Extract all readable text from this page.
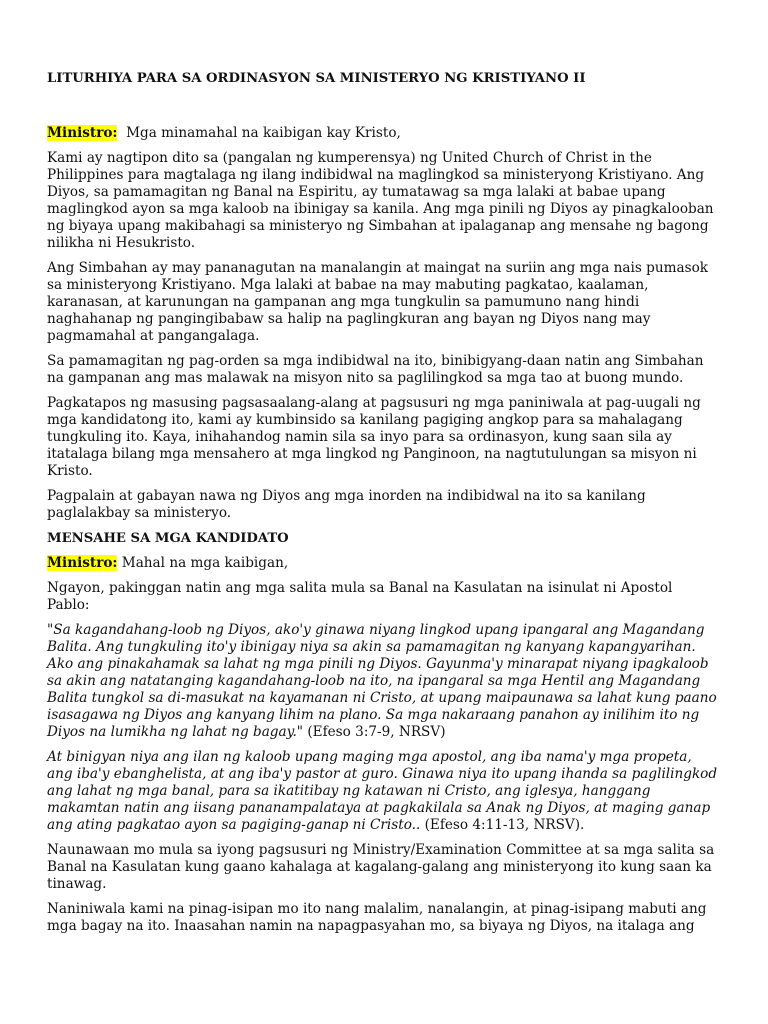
LITURHIYA PARA SA ORDINASYON SA MINISTERYO NG KRISTIYANO II

Ministro:  Mga minamahal na kaibigan kay Kristo,

Kami ay nagtipon dito sa (pangalan ng kumperensya) ng United Church of Christ in the Philippines para magtalaga ng ilang indibidwal na maglingkod sa ministeryong Kristiyano. Ang Diyos, sa pamamagitan ng Banal na Espiritu, ay tumatawag sa mga lalaki at babae upang maglingkod ayon sa mga kaloob na ibinigay sa kanila. Ang mga pinili ng Diyos ay pinagkalooban ng biyaya upang makibahagi sa ministeryo ng Simbahan at ipalaganap ang mensahe ng bagong nilikha ni Hesukristo.

Ang Simbahan ay may pananagutan na manalangin at maingat na suriin ang mga nais pumasok sa ministeryong Kristiyano. Mga lalaki at babae na may mabuting pagkatao, kaalaman, karanasan, at karunungan na gampanan ang mga tungkulin sa pamumuno nang hindi naghahanap ng pangingibabaw sa halip na paglingkuran ang bayan ng Diyos nang may pagmamahal at pangangalaga.

Sa pamamagitan ng pag-orden sa mga indibidwal na ito, binibigyang-daan natin ang Simbahan na gampanan ang mas malawak na misyon nito sa paglilingkod sa mga tao at buong mundo.

Pagkatapos ng masusing pagsasaalang-alang at pagsusuri ng mga paniniwala at pag-uugali ng mga kandidatong ito, kami ay kumbinsido sa kanilang pagiging angkop para sa mahalagang tungkuling ito. Kaya, inihahandog namin sila sa inyo para sa ordinasyon, kung saan sila ay itatalaga bilang mga mensahero at mga lingkod ng Panginoon, na nagtutulungan sa misyon ni Kristo.

Pagpalain at gabayan nawa ng Diyos ang mga inorden na indibidwal na ito sa kanilang paglalakbay sa ministeryo.

MENSAHE SA MGA KANDIDATO

Ministro: Mahal na mga kaibigan,

Ngayon, pakinggan natin ang mga salita mula sa Banal na Kasulatan na isinulat ni Apostol Pablo:

"Sa kagandahang-loob ng Diyos, ako'y ginawa niyang lingkod upang ipangaral ang Magandang Balita. Ang tungkuling ito'y ibinigay niya sa akin sa pamamagitan ng kanyang kapangyarihan. Ako ang pinakahamak sa lahat ng mga pinili ng Diyos. Gayunma'y minarapat niyang ipagkaloob sa akin ang natatanging kagandahang-loob na ito, na ipangaral sa mga Hentil ang Magandang Balita tungkol sa di-masukat na kayamanan ni Cristo, at upang maipaunawa sa lahat kung paano isasagawa ng Diyos ang kanyang lihim na plano. Sa mga nakaraang panahon ay inilihim ito ng Diyos na lumikha ng lahat ng bagay." (Efeso 3:7-9, NRSV)

At binigyan niya ang ilan ng kaloob upang maging mga apostol, ang iba nama'y mga propeta, ang iba'y ebanghelista, at ang iba'y pastor at guro. Ginawa niya ito upang ihanda sa paglilingkod ang lahat ng mga banal, para sa ikatitibay ng katawan ni Cristo, ang iglesya, hanggang makamtan natin ang iisang pananampalataya at pagkakilala sa Anak ng Diyos, at maging ganap ang ating pagkatao ayon sa pagiging-ganap ni Cristo.. (Efeso 4:11-13, NRSV).

Naunawaan mo mula sa iyong pagsusuri ng Ministry/Examination Committee at sa mga salita sa Banal na Kasulatan kung gaano kahalaga at kagalang-galang ang ministeryong ito kung saan ka tinawag.

Naniniwala kami na pinag-isipan mo ito nang malalim, nanalangin, at pinag-isipang mabuti ang mga bagay na ito. Inaasahan namin na napagpasyahan mo, sa biyaya ng Diyos, na italaga ang
